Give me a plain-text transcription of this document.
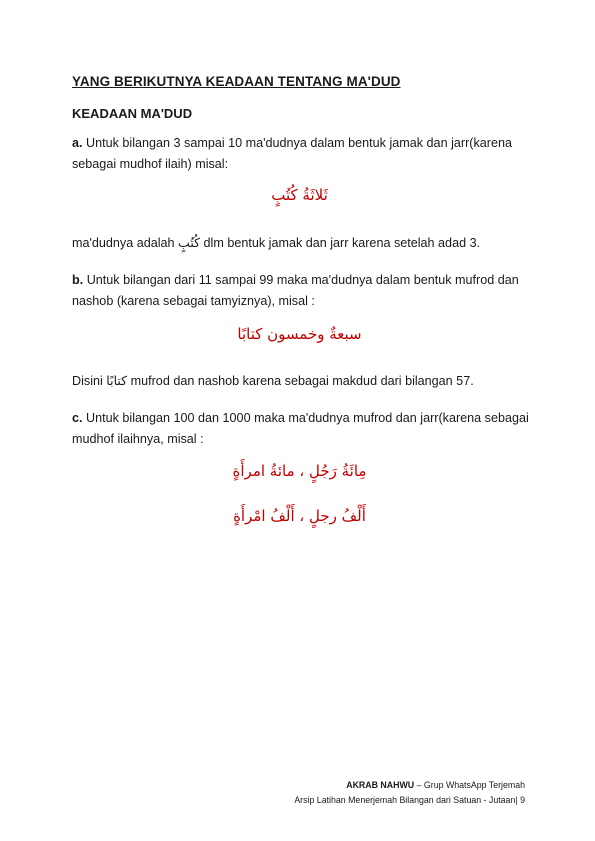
YANG BERIKUTNYA KEADAAN TENTANG MA'DUD
KEADAAN MA'DUD
a. Untuk bilangan 3 sampai 10 ma'dudnya dalam bentuk jamak dan jarr(karena sebagai mudhof ilaih) misal:
ثَلاثَةُ كُتُبٍ
ma'dudnya adalah كُتُبٍ dlm bentuk jamak dan jarr karena setelah adad 3.
b. Untuk bilangan dari 11 sampai 99 maka ma'dudnya dalam bentuk mufrod dan nashob (karena sebagai tamyiznya), misal :
سبعةٌ وخمسون كتابًا
Disini كتابًا mufrod dan nashob karena sebagai makdud dari bilangan 57.
c. Untuk bilangan 100 dan 1000 maka ma'dudnya mufrod dan jarr(karena sebagai mudhof ilaihnya, misal :
مِائَةُ رَجُلٍ ، مائةُ امرأَةٍ
أَلْفُ رجلٍ ، أَلْفُ امْرأَةٍ
AKRAB NAHWU – Grup WhatsApp Terjemah
Arsip Latihan Menerjemah Bilangan dari Satuan - Jutaan| 9
